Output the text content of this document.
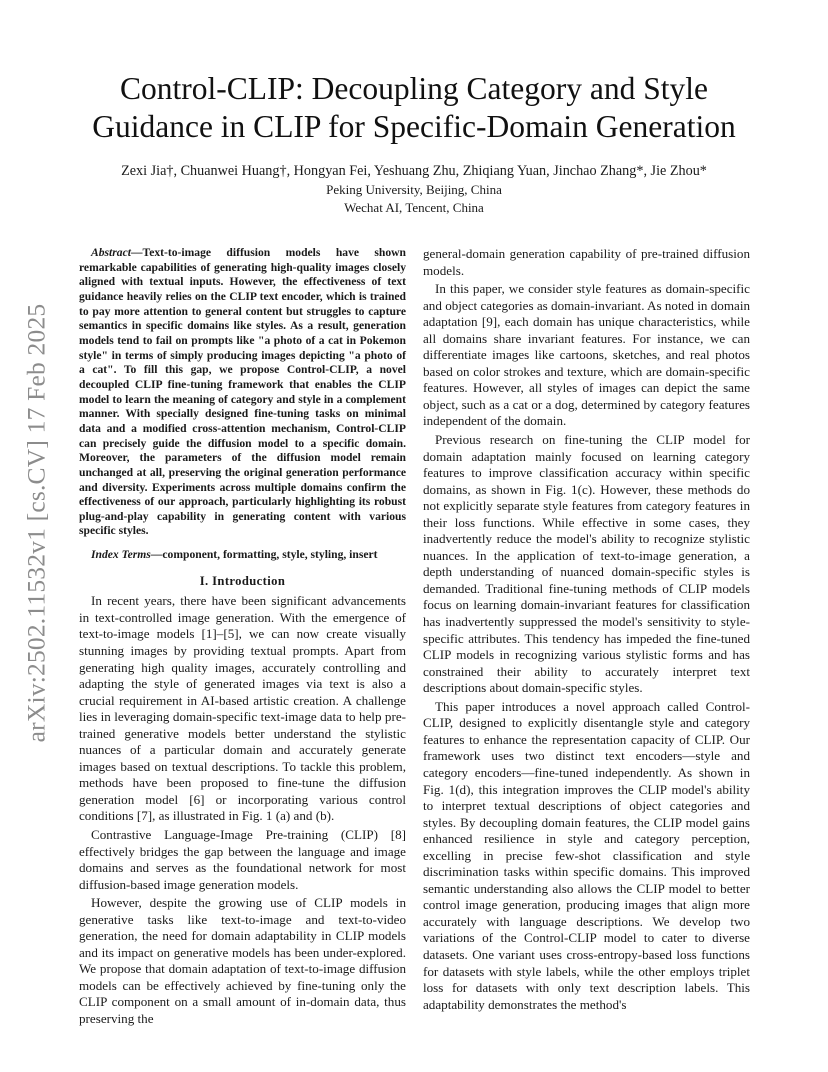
arXiv:2502.11532v1 [cs.CV] 17 Feb 2025
Control-CLIP: Decoupling Category and Style
Guidance in CLIP for Specific-Domain Generation
Zexi Jia†, Chuanwei Huang†, Hongyan Fei, Yeshuang Zhu, Zhiqiang Yuan, Jinchao Zhang*, Jie Zhou*
Peking University, Beijing, China
Wechat AI, Tencent, China

Abstract—Text-to-image diffusion models have shown remarkable capabilities of generating high-quality images closely aligned with textual inputs. However, the effectiveness of text guidance heavily relies on the CLIP text encoder, which is trained to pay more attention to general content but struggles to capture semantics in specific domains like styles. As a result, generation models tend to fail on prompts like "a photo of a cat in Pokemon style" in terms of simply producing images depicting "a photo of a cat". To fill this gap, we propose Control-CLIP, a novel decoupled CLIP fine-tuning framework that enables the CLIP model to learn the meaning of category and style in a complement manner. With specially designed fine-tuning tasks on minimal data and a modified cross-attention mechanism, Control-CLIP can precisely guide the diffusion model to a specific domain. Moreover, the parameters of the diffusion model remain unchanged at all, preserving the original generation performance and diversity. Experiments across multiple domains confirm the effectiveness of our approach, particularly highlighting its robust plug-and-play capability in generating content with various specific styles.

Index Terms—component, formatting, style, styling, insert

I. Introduction

In recent years, there have been significant advancements in text-controlled image generation. With the emergence of text-to-image models [1]–[5], we can now create visually stunning images by providing textual prompts. Apart from generating high quality images, accurately controlling and adapting the style of generated images via text is also a crucial requirement in AI-based artistic creation. A challenge lies in leveraging domain-specific text-image data to help pre-trained generative models better understand the stylistic nuances of a particular domain and accurately generate images based on textual descriptions. To tackle this problem, methods have been proposed to fine-tune the diffusion generation model [6] or incorporating various control conditions [7], as illustrated in Fig. 1 (a) and (b).

Contrastive Language-Image Pre-training (CLIP) [8] effectively bridges the gap between the language and image domains and serves as the foundational network for most diffusion-based image generation models.

However, despite the growing use of CLIP models in generative tasks like text-to-image and text-to-video generation, the need for domain adaptability in CLIP models and its impact on generative models has been under-explored. We propose that domain adaptation of text-to-image diffusion models can be effectively achieved by fine-tuning only the CLIP component on a small amount of in-domain data, thus preserving the

general-domain generation capability of pre-trained diffusion models.

In this paper, we consider style features as domain-specific and object categories as domain-invariant. As noted in domain adaptation [9], each domain has unique characteristics, while all domains share invariant features. For instance, we can differentiate images like cartoons, sketches, and real photos based on color strokes and texture, which are domain-specific features. However, all styles of images can depict the same object, such as a cat or a dog, determined by category features independent of the domain.

Previous research on fine-tuning the CLIP model for domain adaptation mainly focused on learning category features to improve classification accuracy within specific domains, as shown in Fig. 1(c). However, these methods do not explicitly separate style features from category features in their loss functions. While effective in some cases, they inadvertently reduce the model's ability to recognize stylistic nuances. In the application of text-to-image generation, a depth understanding of nuanced domain-specific styles is demanded. Traditional fine-tuning methods of CLIP models focus on learning domain-invariant features for classification has inadvertently suppressed the model's sensitivity to style-specific attributes. This tendency has impeded the fine-tuned CLIP models in recognizing various stylistic forms and has constrained their ability to accurately interpret text descriptions about domain-specific styles.

This paper introduces a novel approach called Control-CLIP, designed to explicitly disentangle style and category features to enhance the representation capacity of CLIP. Our framework uses two distinct text encoders—style and category encoders—fine-tuned independently. As shown in Fig. 1(d), this integration improves the CLIP model's ability to interpret textual descriptions of object categories and styles. By decoupling domain features, the CLIP model gains enhanced resilience in style and category perception, excelling in precise few-shot classification and style discrimination tasks within specific domains. This improved semantic understanding also allows the CLIP model to better control image generation, producing images that align more accurately with language descriptions. We develop two variations of the Control-CLIP model to cater to diverse datasets. One variant uses cross-entropy-based loss functions for datasets with style labels, while the other employs triplet loss for datasets with only text description labels. This adaptability demonstrates the method's
